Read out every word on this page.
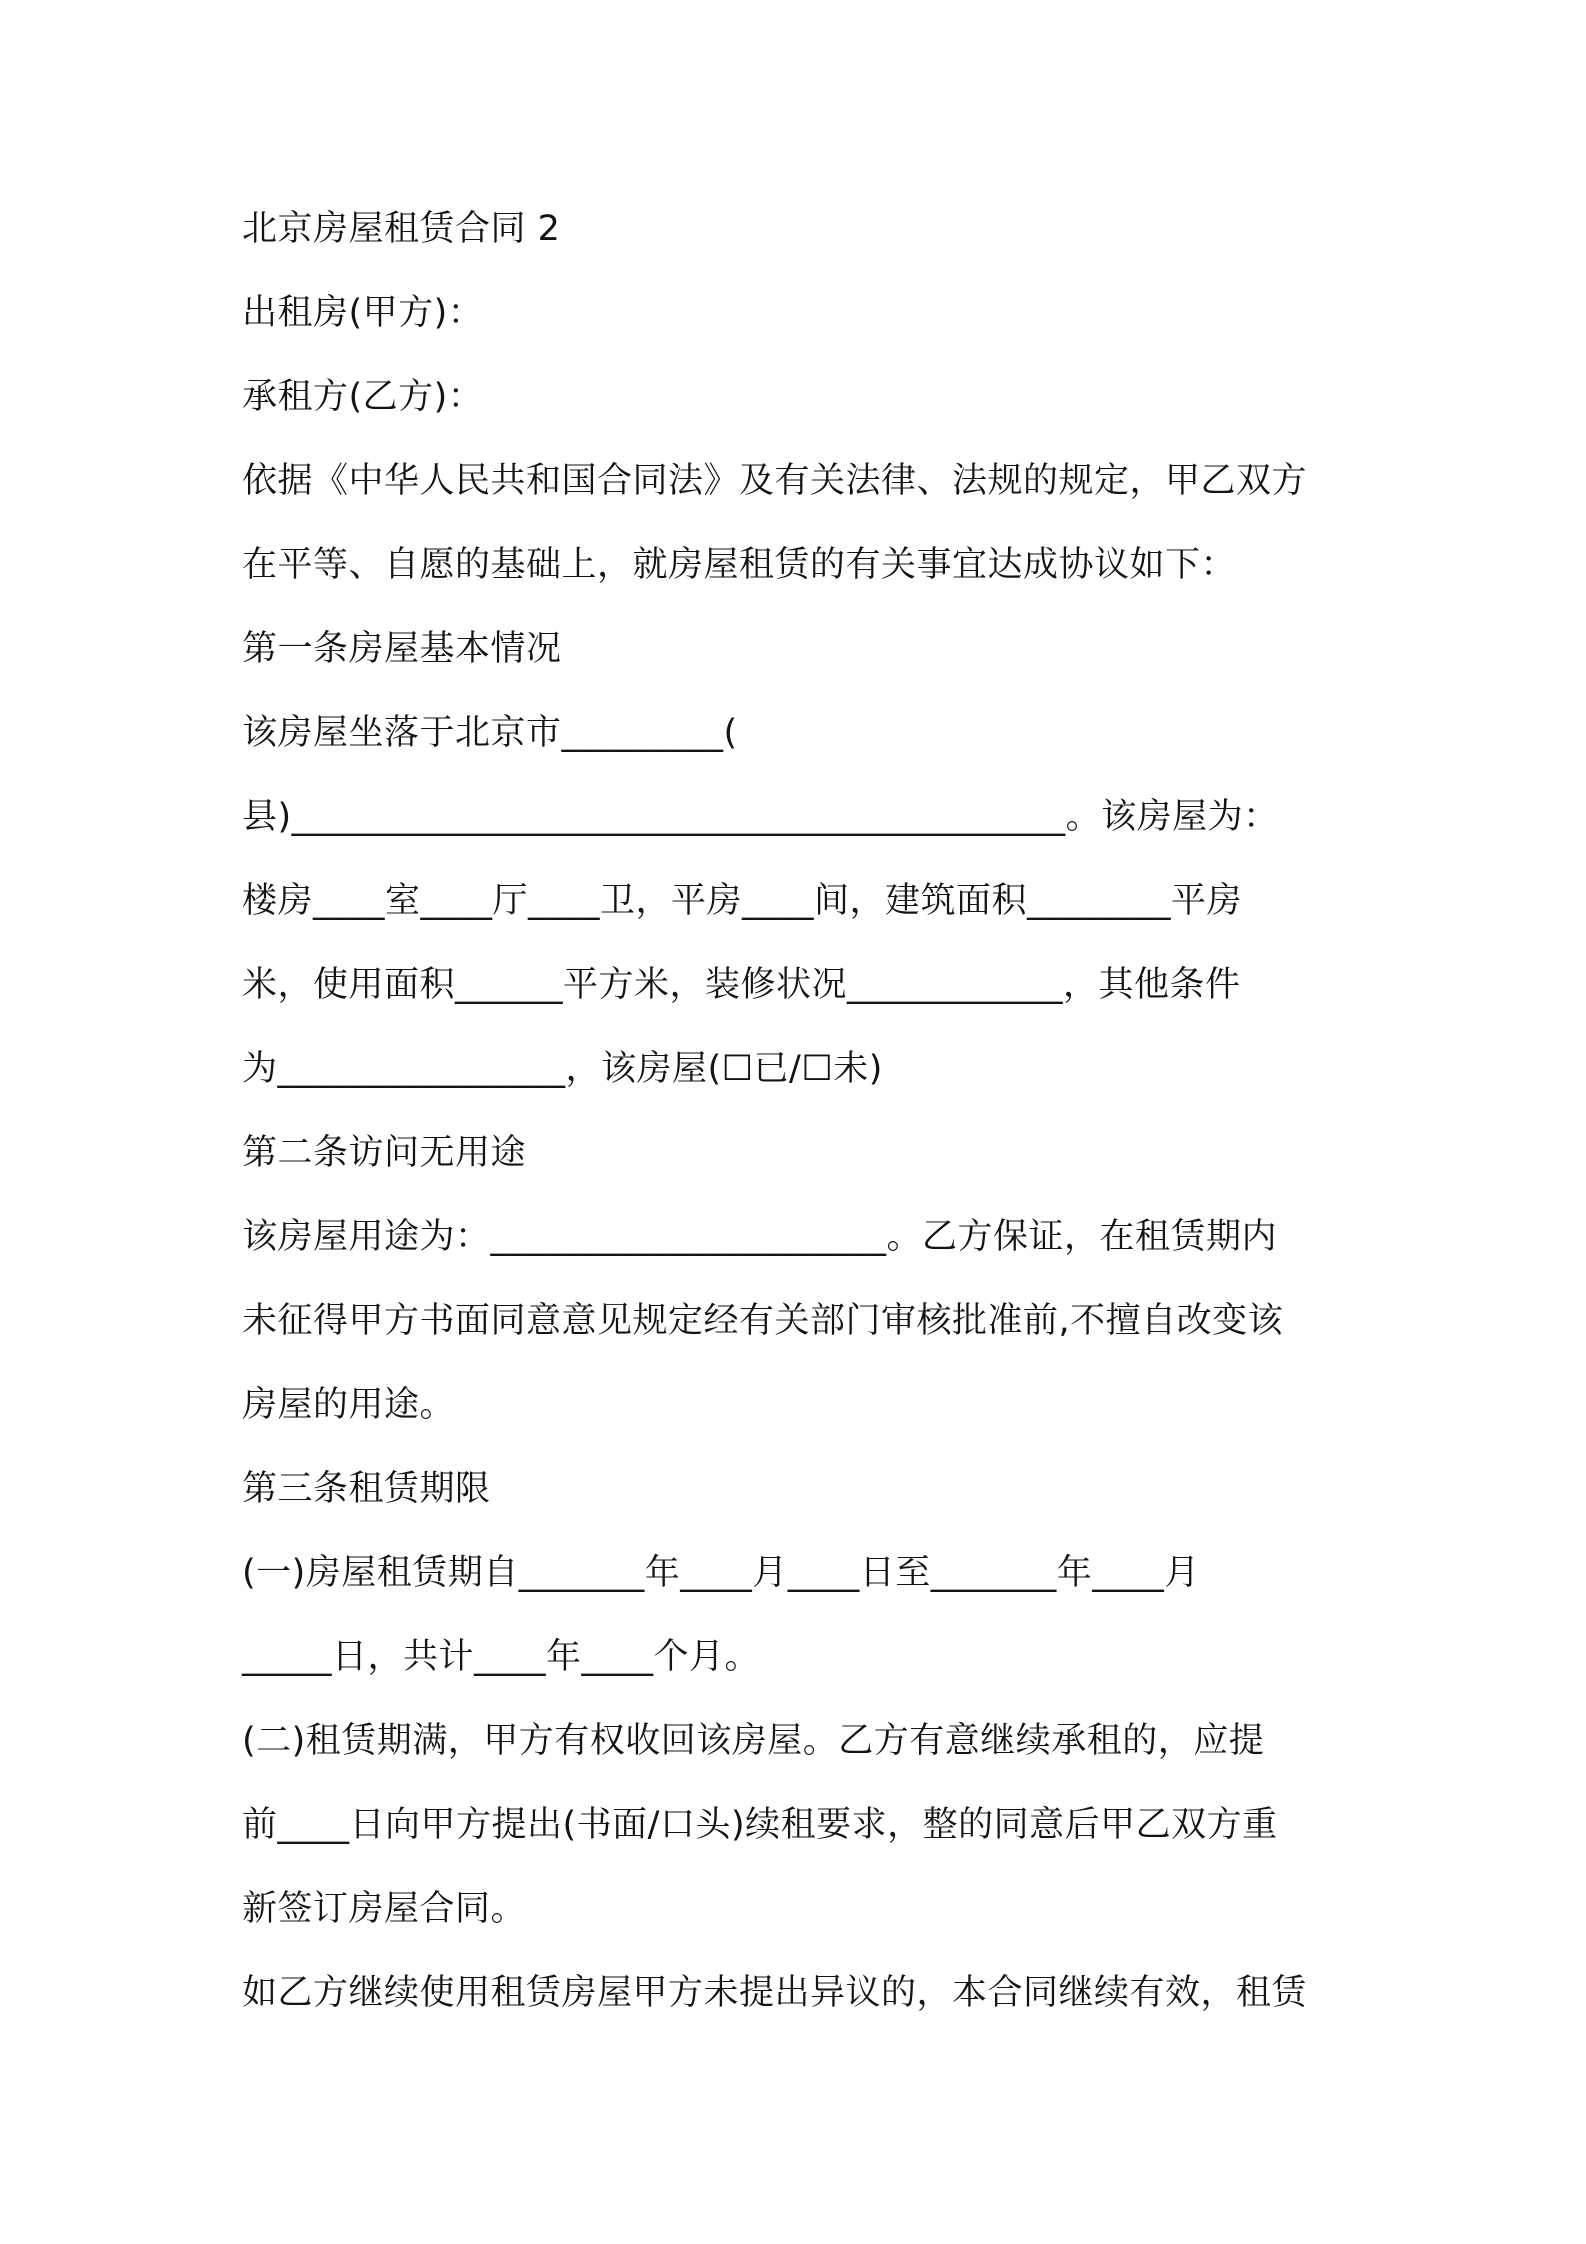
北京房屋租赁合同 2
出租房(甲方)：
承租方(乙方)：
依据《中华人民共和国合同法》及有关法律、法规的规定，甲乙双方
在平等、自愿的基础上，就房屋租赁的有关事宜达成协议如下：
第一条房屋基本情况
该房屋坐落于北京市_________(
县)___________________________________________。该房屋为：
楼房____室____厅____卫，平房____间，建筑面积________平房
米，使用面积______平方米，装修状况____________，其他条件
为________________，该房屋(☐已/☐未)
第二条访问无用途
该房屋用途为：______________________。乙方保证，在租赁期内
未征得甲方书面同意意见规定经有关部门审核批准前,不擅自改变该
房屋的用途。
第三条租赁期限
(一)房屋租赁期自_______年____月____日至_______年____月
_____日，共计____年____个月。
(二)租赁期满，甲方有权收回该房屋。乙方有意继续承租的，应提
前____日向甲方提出(书面/口头)续租要求，整的同意后甲乙双方重
新签订房屋合同。
如乙方继续使用租赁房屋甲方未提出异议的，本合同继续有效，租赁
